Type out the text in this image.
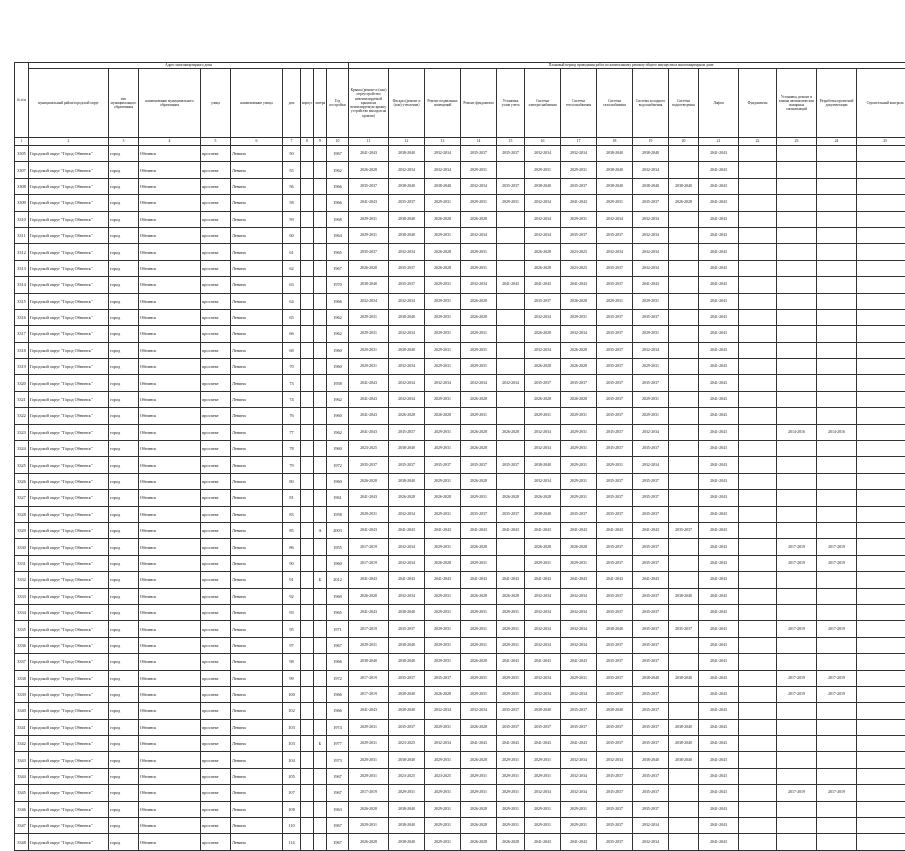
№ п/п	Адрес многоквартирного дома									Плановый период проведения работ по капитальному ремонту общего имущества в многоквартирном доме														
	муниципальный район/городской округ	тип муниципального образования	наименование муниципального образования	улица	наименование улицы	дом	корпус	литера	Год постройки	Крыша (ремонт и (или) переустройство невентилируемой крыши на вентилируемую крышу, устройство выходов на кровлю)	Фасады (ремонт и (или) утепление)	Ремонт подвальных помещений	Ремонт фундамента	Установка узлов учета	Система электроснабжения	Система теплоснабжения	Система газоснабжения	Система холодного водоснабжения	Система водоотведения	Лифты	Фундаменты	Установка, ремонт и замена автоматических пожарных сигнализаций	Разработка проектной документации	Строительный контроль
1	2	3	4	5	6	7	8	9	10	11	12	13	14	15	16	17	18	19	20	21	22	23	24	25
3305	Городской округ "Город Обнинск"	город	Обнинск	проспект	Ленина	50			1967	2041-2043	2038-2040	2032-2034	2035-2037	2035-2037	2032-2034	2032-2034	2038-2040	2038-2040		2041-2043				
3307	Городской округ "Город Обнинск"	город	Обнинск	проспект	Ленина	55			1962	2026-2028	2032-2034	2032-2034	2029-2031		2029-2031	2029-2031	2038-2040	2032-2034		2041-2043				
3308	Городской округ "Город Обнинск"	город	Обнинск	проспект	Ленина	56			1966	2035-2037	2038-2040	2038-2040	2032-2034	2035-2037	2038-2040	2035-2037	2038-2040	2038-2040	2038-2040	2041-2043				
3309	Городской округ "Город Обнинск"	город	Обнинск	проспект	Ленина	58			1966	2041-2043	2035-2037	2029-2031	2029-2031	2029-2031	2032-2034	2041-2043	2029-2031	2035-2037	2026-2028	2041-2043				
3310	Городской округ "Город Обнинск"	город	Обнинск	проспект	Ленина	59			1968	2029-2031	2038-2040	2026-2028	2026-2028		2032-2034	2029-2031	2032-2034	2032-2034		2041-2043				
3311	Городской округ "Город Обнинск"	город	Обнинск	проспект	Ленина	60			1964	2029-2031	2038-2040	2029-2031	2032-2034		2032-2034	2035-2037	2035-2037	2032-2034		2041-2043				
3312	Городской округ "Город Обнинск"	город	Обнинск	проспект	Ленина	61			1965	2035-2037	2032-2034	2026-2028	2029-2031		2026-2028	2023-2025	2032-2034	2032-2034		2041-2043				
3313	Городской округ "Город Обнинск"	город	Обнинск	проспект	Ленина	62			1967	2026-2028	2035-2037	2026-2028	2029-2031		2026-2028	2023-2025	2035-2037	2032-2034		2041-2043				
3314	Городской округ "Город Обнинск"	город	Обнинск	проспект	Ленина	63			1970	2038-2040	2035-2037	2029-2031	2032-2034	2041-2043	2041-2043	2041-2043	2035-2037	2041-2043		2041-2043				
3315	Городской округ "Город Обнинск"	город	Обнинск	проспект	Ленина	64			1966	2032-2034	2032-2034	2029-2031	2026-2028		2035-2037	2026-2028	2029-2031	2029-2031		2041-2043				
3316	Городской округ "Город Обнинск"	город	Обнинск	проспект	Ленина	65			1962	2029-2031	2038-2040	2029-2031	2026-2028		2032-2034	2029-2031	2035-2037	2035-2037		2041-2043				
3317	Городской округ "Город Обнинск"	город	Обнинск	проспект	Ленина	66			1962	2029-2031	2032-2034	2029-2031	2029-2031		2026-2028	2032-2034	2035-2037	2029-2031		2041-2043				
3318	Городской округ "Город Обнинск"	город	Обнинск	проспект	Ленина	68			1960	2029-2031	2038-2040	2029-2031	2029-2031		2032-2034	2026-2028	2035-2037	2032-2034		2041-2043				
3319	Городской округ "Город Обнинск"	город	Обнинск	проспект	Ленина	70			1960	2029-2031	2032-2034	2029-2031	2029-2031		2026-2028	2026-2028	2035-2037	2029-2031		2041-2043				
3320	Городской округ "Город Обнинск"	город	Обнинск	проспект	Ленина	73			1958	2041-2043	2032-2034	2032-2034	2032-2034	2032-2034	2035-2037	2035-2037	2035-2037	2035-2037		2041-2043				
3321	Городской округ "Город Обнинск"	город	Обнинск	проспект	Ленина	74			1962	2041-2043	2032-2034	2029-2031	2026-2028		2026-2028	2026-2028	2035-2037	2029-2031		2041-2043				
3322	Городской округ "Город Обнинск"	город	Обнинск	проспект	Ленина	76			1960	2041-2043	2026-2028	2026-2028	2029-2031		2029-2031	2029-2031	2035-2037	2029-2031		2041-2043				
3323	Городской округ "Город Обнинск"	город	Обнинск	проспект	Ленина	77			1962	2041-2043	2035-2037	2029-2031	2026-2028	2026-2028	2032-2034	2029-2031	2035-2037	2032-2034		2041-2043		2014-2016	2014-2016	
3324	Городской округ "Город Обнинск"	город	Обнинск	проспект	Ленина	78			1960	2023-2025	2038-2040	2029-2031	2026-2028		2032-2034	2029-2031	2035-2037	2035-2037		2041-2043				
3325	Городской округ "Город Обнинск"	город	Обнинск	проспект	Ленина	79			1972	2035-2037	2035-2037	2035-2037	2035-2037	2035-2037	2038-2040	2029-2031	2029-2031	2032-2034		2041-2043				
3326	Городской округ "Город Обнинск"	город	Обнинск	проспект	Ленина	80			1960	2026-2028	2038-2040	2029-2031	2026-2028		2032-2034	2029-2031	2035-2037	2035-2037		2041-2043				
3327	Городской округ "Город Обнинск"	город	Обнинск	проспект	Ленина	81			1961	2041-2043	2026-2028	2026-2028	2029-2031	2026-2028	2026-2028	2029-2031	2035-2037	2035-2037		2041-2043				
3328	Городской округ "Город Обнинск"	город	Обнинск	проспект	Ленина	83			1958	2029-2031	2032-2034	2029-2031	2035-2037	2035-2037	2038-2040	2035-2037	2035-2037	2035-2037		2041-2043				
3329	Городской округ "Город Обнинск"	город	Обнинск	проспект	Ленина	85		А	2003	2041-2043	2041-2043	2041-2043	2041-2043	2041-2043	2041-2043	2041-2043	2041-2043	2041-2043	2035-2037	2041-2043				
3330	Городской округ "Город Обнинск"	город	Обнинск	проспект	Ленина	86			1955	2017-2019	2032-2034	2029-2031	2026-2028		2026-2028	2026-2028	2035-2037	2035-2037		2041-2043		2017-2019	2017-2019	
3331	Городской округ "Город Обнинск"	город	Обнинск	проспект	Ленина	90			1960	2017-2019	2032-2034	2026-2028	2029-2031		2029-2031	2029-2031	2035-2037	2035-2037		2041-2043		2017-2019	2017-2019	
3332	Городской округ "Город Обнинск"	город	Обнинск	проспект	Ленина	91		Б	2012	2041-2043	2041-2043	2041-2043	2041-2043	2041-2043	2041-2043	2041-2043	2041-2043	2041-2043		2041-2043				
3333	Городской округ "Город Обнинск"	город	Обнинск	проспект	Ленина	92			1969	2026-2028	2032-2034	2029-2031	2026-2028	2026-2028	2032-2034	2032-2034	2035-2037	2035-2037	2038-2040	2041-2043				
3334	Городской округ "Город Обнинск"	город	Обнинск	проспект	Ленина	93			1965	2041-2043	2038-2040	2029-2031	2029-2031	2029-2031	2032-2034	2032-2034	2035-2037	2035-2037		2041-2043				
3335	Городской округ "Город Обнинск"	город	Обнинск	проспект	Ленина	95			1971	2017-2019	2035-2037	2029-2031	2029-2031	2029-2031	2032-2034	2032-2034	2038-2040	2035-2037	2035-2037	2041-2043		2017-2019	2017-2019	
3336	Городской округ "Город Обнинск"	город	Обнинск	проспект	Ленина	97			1967	2029-2031	2038-2040	2029-2031	2029-2031	2029-2031	2032-2034	2032-2034	2035-2037	2035-2037		2041-2043				
3337	Городской округ "Город Обнинск"	город	Обнинск	проспект	Ленина	98			1966	2038-2040	2038-2040	2029-2031	2026-2028	2041-2043	2041-2043	2041-2043	2035-2037	2035-2037		2041-2043				
3338	Городской округ "Город Обнинск"	город	Обнинск	проспект	Ленина	99			1972	2017-2019	2035-2037	2035-2037	2029-2031	2029-2031	2032-2034	2029-2031	2035-2037	2038-2040	2038-2040	2041-2043		2017-2019	2017-2019	
3339	Городской округ "Город Обнинск"	город	Обнинск	проспект	Ленина	100			1966	2017-2019	2038-2040	2026-2028	2029-2031	2029-2031	2032-2034	2032-2034	2035-2037	2035-2037		2041-2043		2017-2019	2017-2019	
3340	Городской округ "Город Обнинск"	город	Обнинск	проспект	Ленина	102			1966	2041-2043	2038-2040	2032-2034	2032-2034	2035-2037	2038-2040	2035-2037	2038-2040	2035-2037		2041-2043				
3341	Городской округ "Город Обнинск"	город	Обнинск	проспект	Ленина	103			1974	2029-2031	2035-2037	2029-2031	2026-2028	2035-2037	2035-2037	2035-2037	2035-2037	2035-2037	2038-2040	2041-2043				
3342	Городской округ "Город Обнинск"	город	Обнинск	проспект	Ленина	103		Б	1977	2029-2031	2023-2025	2032-2034	2041-2043	2041-2043	2041-2043	2041-2043	2035-2037	2035-2037	2038-2040	2041-2043				
3343	Городской округ "Город Обнинск"	город	Обнинск	проспект	Ленина	104			1973	2029-2031	2038-2040	2029-2031	2026-2028	2029-2031	2029-2031	2032-2034	2032-2034	2038-2040	2038-2040	2041-2043				
3344	Городской округ "Город Обнинск"	город	Обнинск	проспект	Ленина	105			1967	2029-2031	2023-2025	2023-2025	2029-2031	2029-2031	2029-2031	2032-2034	2035-2037	2035-2037		2041-2043				
3345	Городской округ "Город Обнинск"	город	Обнинск	проспект	Ленина	107			1967	2017-2019	2029-2031	2029-2031	2029-2031	2029-2031	2032-2034	2032-2034	2035-2037	2035-2037		2041-2043		2017-2019	2017-2019	
3346	Городской округ "Город Обнинск"	город	Обнинск	проспект	Ленина	108			1963	2026-2028	2038-2040	2029-2031	2026-2028	2029-2031	2029-2031	2029-2031	2035-2037	2035-2037		2041-2043				
3347	Городской округ "Город Обнинск"	город	Обнинск	проспект	Ленина	110			1967	2029-2031	2038-2040	2029-2031	2026-2028	2029-2031	2029-2031	2029-2031	2035-2037	2032-2034		2041-2043				
3348	Городской округ "Город Обнинск"	город	Обнинск	проспект	Ленина	114			1967	2026-2028	2038-2040	2029-2031	2026-2028	2026-2028	2041-2043	2041-2043	2035-2037	2032-2034		2041-2043				
